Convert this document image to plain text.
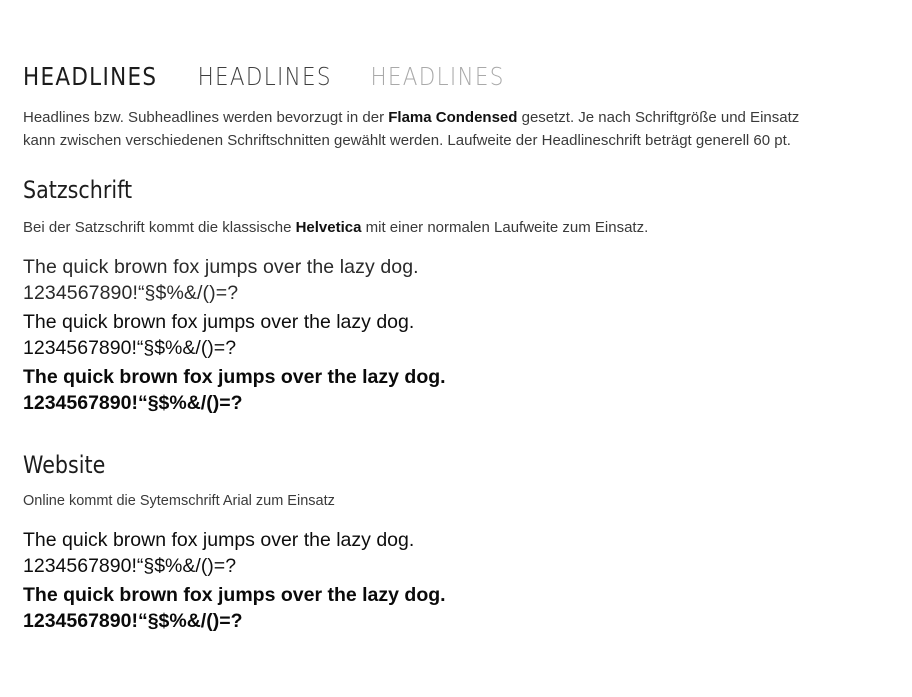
HEADLINES	HEADLINES	HEADLINES

Headlines bzw. Subheadlines werden bevorzugt in der Flama Condensed gesetzt. Je nach Schriftgröße und Einsatz
kann zwischen verschiedenen Schriftschnitten gewählt werden. Laufweite der Headlineschrift beträgt generell 60 pt.

Satzschrift

Bei der Satzschrift kommt die klassische Helvetica mit einer normalen Laufweite zum Einsatz.

The quick brown fox jumps over the lazy dog.
1234567890!“§$%&/()=?
The quick brown fox jumps over the lazy dog.
1234567890!“§$%&/()=?
The quick brown fox jumps over the lazy dog.
1234567890!“§$%&/()=?
Website

Online kommt die Sytemschrift Arial zum Einsatz

The quick brown fox jumps over the lazy dog.
1234567890!“§$%&/()=?
The quick brown fox jumps over the lazy dog.
1234567890!“§$%&/()=?
